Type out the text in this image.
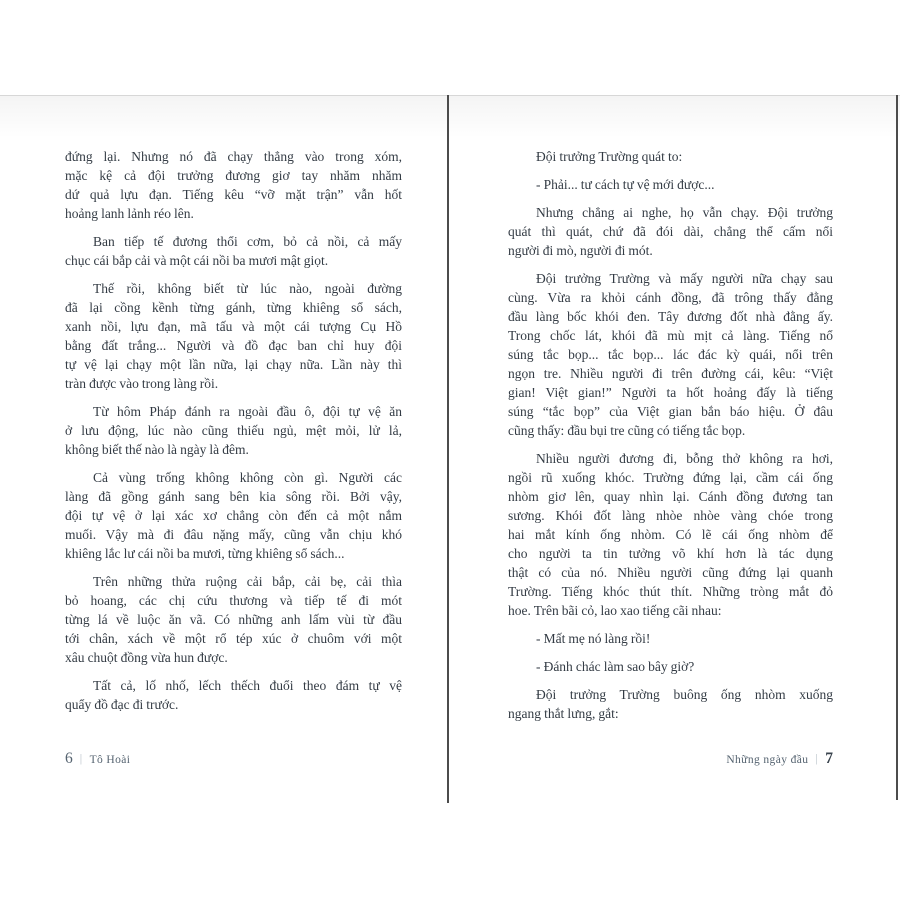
đứng lại. Nhưng nó đã chạy thẳng vào trong xóm,
mặc kệ cả đội trưởng đương giơ tay nhăm nhăm
dứ quả lựu đạn. Tiếng kêu “vỡ mặt trận” vẫn hốt
hoảng lanh lảnh réo lên.
Ban tiếp tế đương thổi cơm, bỏ cả nồi, cả mấy
chục cái bắp cải và một cái nồi ba mươi mật giọt.
Thế rồi, không biết từ lúc nào, ngoài đường
đã lại cồng kềnh từng gánh, từng khiêng sổ sách,
xanh nồi, lựu đạn, mã tấu và một cái tượng Cụ Hồ
bằng đất trắng... Người và đồ đạc ban chỉ huy đội
tự vệ lại chạy một lần nữa, lại chạy nữa. Lần này thì
tràn được vào trong làng rồi.
Từ hôm Pháp đánh ra ngoài đầu ô, đội tự vệ ăn
ở lưu động, lúc nào cũng thiếu ngủ, mệt mỏi, lử lả,
không biết thế nào là ngày là đêm.
Cả vùng trống không không còn gì. Người các
làng đã gồng gánh sang bên kia sông rồi. Bởi vậy,
đội tự vệ ở lại xác xơ chẳng còn đến cả một nắm
muối. Vậy mà đi đâu nặng mấy, cũng vẫn chịu khó
khiêng lắc lư cái nồi ba mươi, từng khiêng sổ sách...
Trên những thửa ruộng cải bắp, cải bẹ, cải thìa
bỏ hoang, các chị cứu thương và tiếp tế đi mót
từng lá về luộc ăn vã. Có những anh lấm vùi từ đầu
tới chân, xách về một rổ tép xúc ở chuôm với một
xâu chuột đồng vừa hun được.
Tất cả, lố nhố, lếch thếch đuổi theo đám tự vệ
quẩy đồ đạc đi trước.
Đội trưởng Trường quát to:
- Phải... tư cách tự vệ mới được...
Nhưng chẳng ai nghe, họ vẫn chạy. Đội trưởng
quát thì quát, chứ đã đói dài, chẳng thể cấm nổi
người đi mò, người đi mót.
Đội trưởng Trường và mấy người nữa chạy sau
cùng. Vừa ra khỏi cánh đồng, đã trông thấy đằng
đầu làng bốc khói đen. Tây đương đốt nhà đằng ấy.
Trong chốc lát, khói đã mù mịt cả làng. Tiếng nổ
súng tắc bọp... tắc bọp... lác đác kỳ quái, nổi trên
ngọn tre. Nhiều người đi trên đường cái, kêu: “Việt
gian! Việt gian!” Người ta hốt hoảng đấy là tiếng
súng “tắc bọp” của Việt gian bắn báo hiệu. Ở đâu
cũng thấy: đầu bụi tre cũng có tiếng tắc bọp.
Nhiều người đương đi, bỗng thở không ra hơi,
ngồi rũ xuống khóc. Trường đứng lại, cầm cái ống
nhòm giơ lên, quay nhìn lại. Cánh đồng đương tan
sương. Khói đốt làng nhòe nhòe vàng chóe trong
hai mắt kính ống nhòm. Có lẽ cái ống nhòm để
cho người ta tin tưởng võ khí hơn là tác dụng
thật có của nó. Nhiều người cũng đứng lại quanh
Trường. Tiếng khóc thút thít. Những tròng mắt đỏ
hoe. Trên bãi cỏ, lao xao tiếng cãi nhau:
- Mất mẹ nó làng rồi!
- Đánh chác làm sao bây giờ?
Đội trưởng Trường buông ống nhòm xuống
ngang thắt lưng, gắt:
6 | Tô Hoài	Những ngày đầu | 7
